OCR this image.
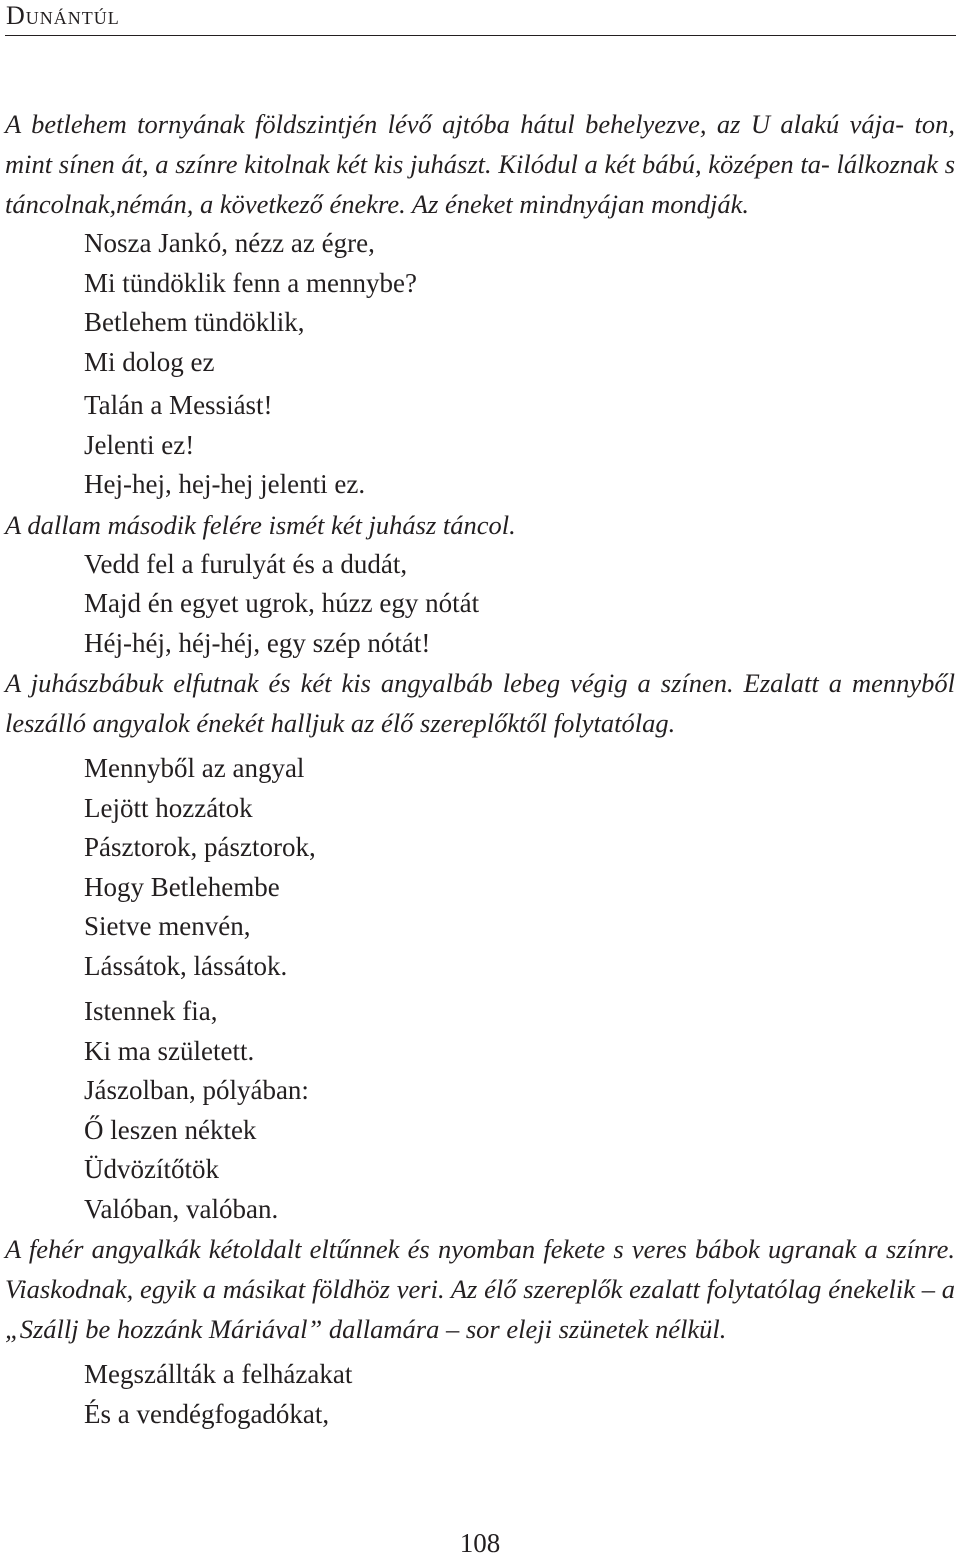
Dunántúl

A betlehem tornyának földszintjén lévő ajtóba hátul behelyezve, az U alakú vája- ton, mint sínen át, a színre kitolnak két kis juhászt. Kilódul a két bábú, középen ta- lálkoznak s táncolnak,némán, a következő énekre. Az éneket mindnyájan mondják.

Nosza Jankó, nézz az égre,
Mi tündöklik fenn a mennybe?
Betlehem tündöklik,
Mi dolog ez
Talán a Messiást!
Jelenti ez!
Hej-hej, hej-hej jelenti ez.

A dallam második felére ismét két juhász táncol.

Vedd fel a furulyát és a dudát,
Majd én egyet ugrok, húzz egy nótát
Héj-héj, héj-héj, egy szép nótát!

A juhászbábuk elfutnak és két kis angyalbáb lebeg végig a színen. Ezalatt a mennyből leszálló angyalok énekét halljuk az élő szereplőktől folytatólag.

Mennyből az angyal
Lejött hozzátok
Pásztorok, pásztorok,
Hogy Betlehembe
Sietve menvén,
Lássátok, lássátok.
Istennek fia,
Ki ma született.
Jászolban, pólyában:
Ő leszen néktek
Üdvözítőtök
Valóban, valóban.

A fehér angyalkák kétoldalt eltűnnek és nyomban fekete s veres bábok ugranak a színre. Viaskodnak, egyik a másikat földhöz veri. Az élő szereplők ezalatt folytatólag énekelik – a „Szállj be hozzánk Máriával” dallamára – sor eleji szünetek nélkül.

Megszállták a felházakat
És a vendégfogadókat,
108
